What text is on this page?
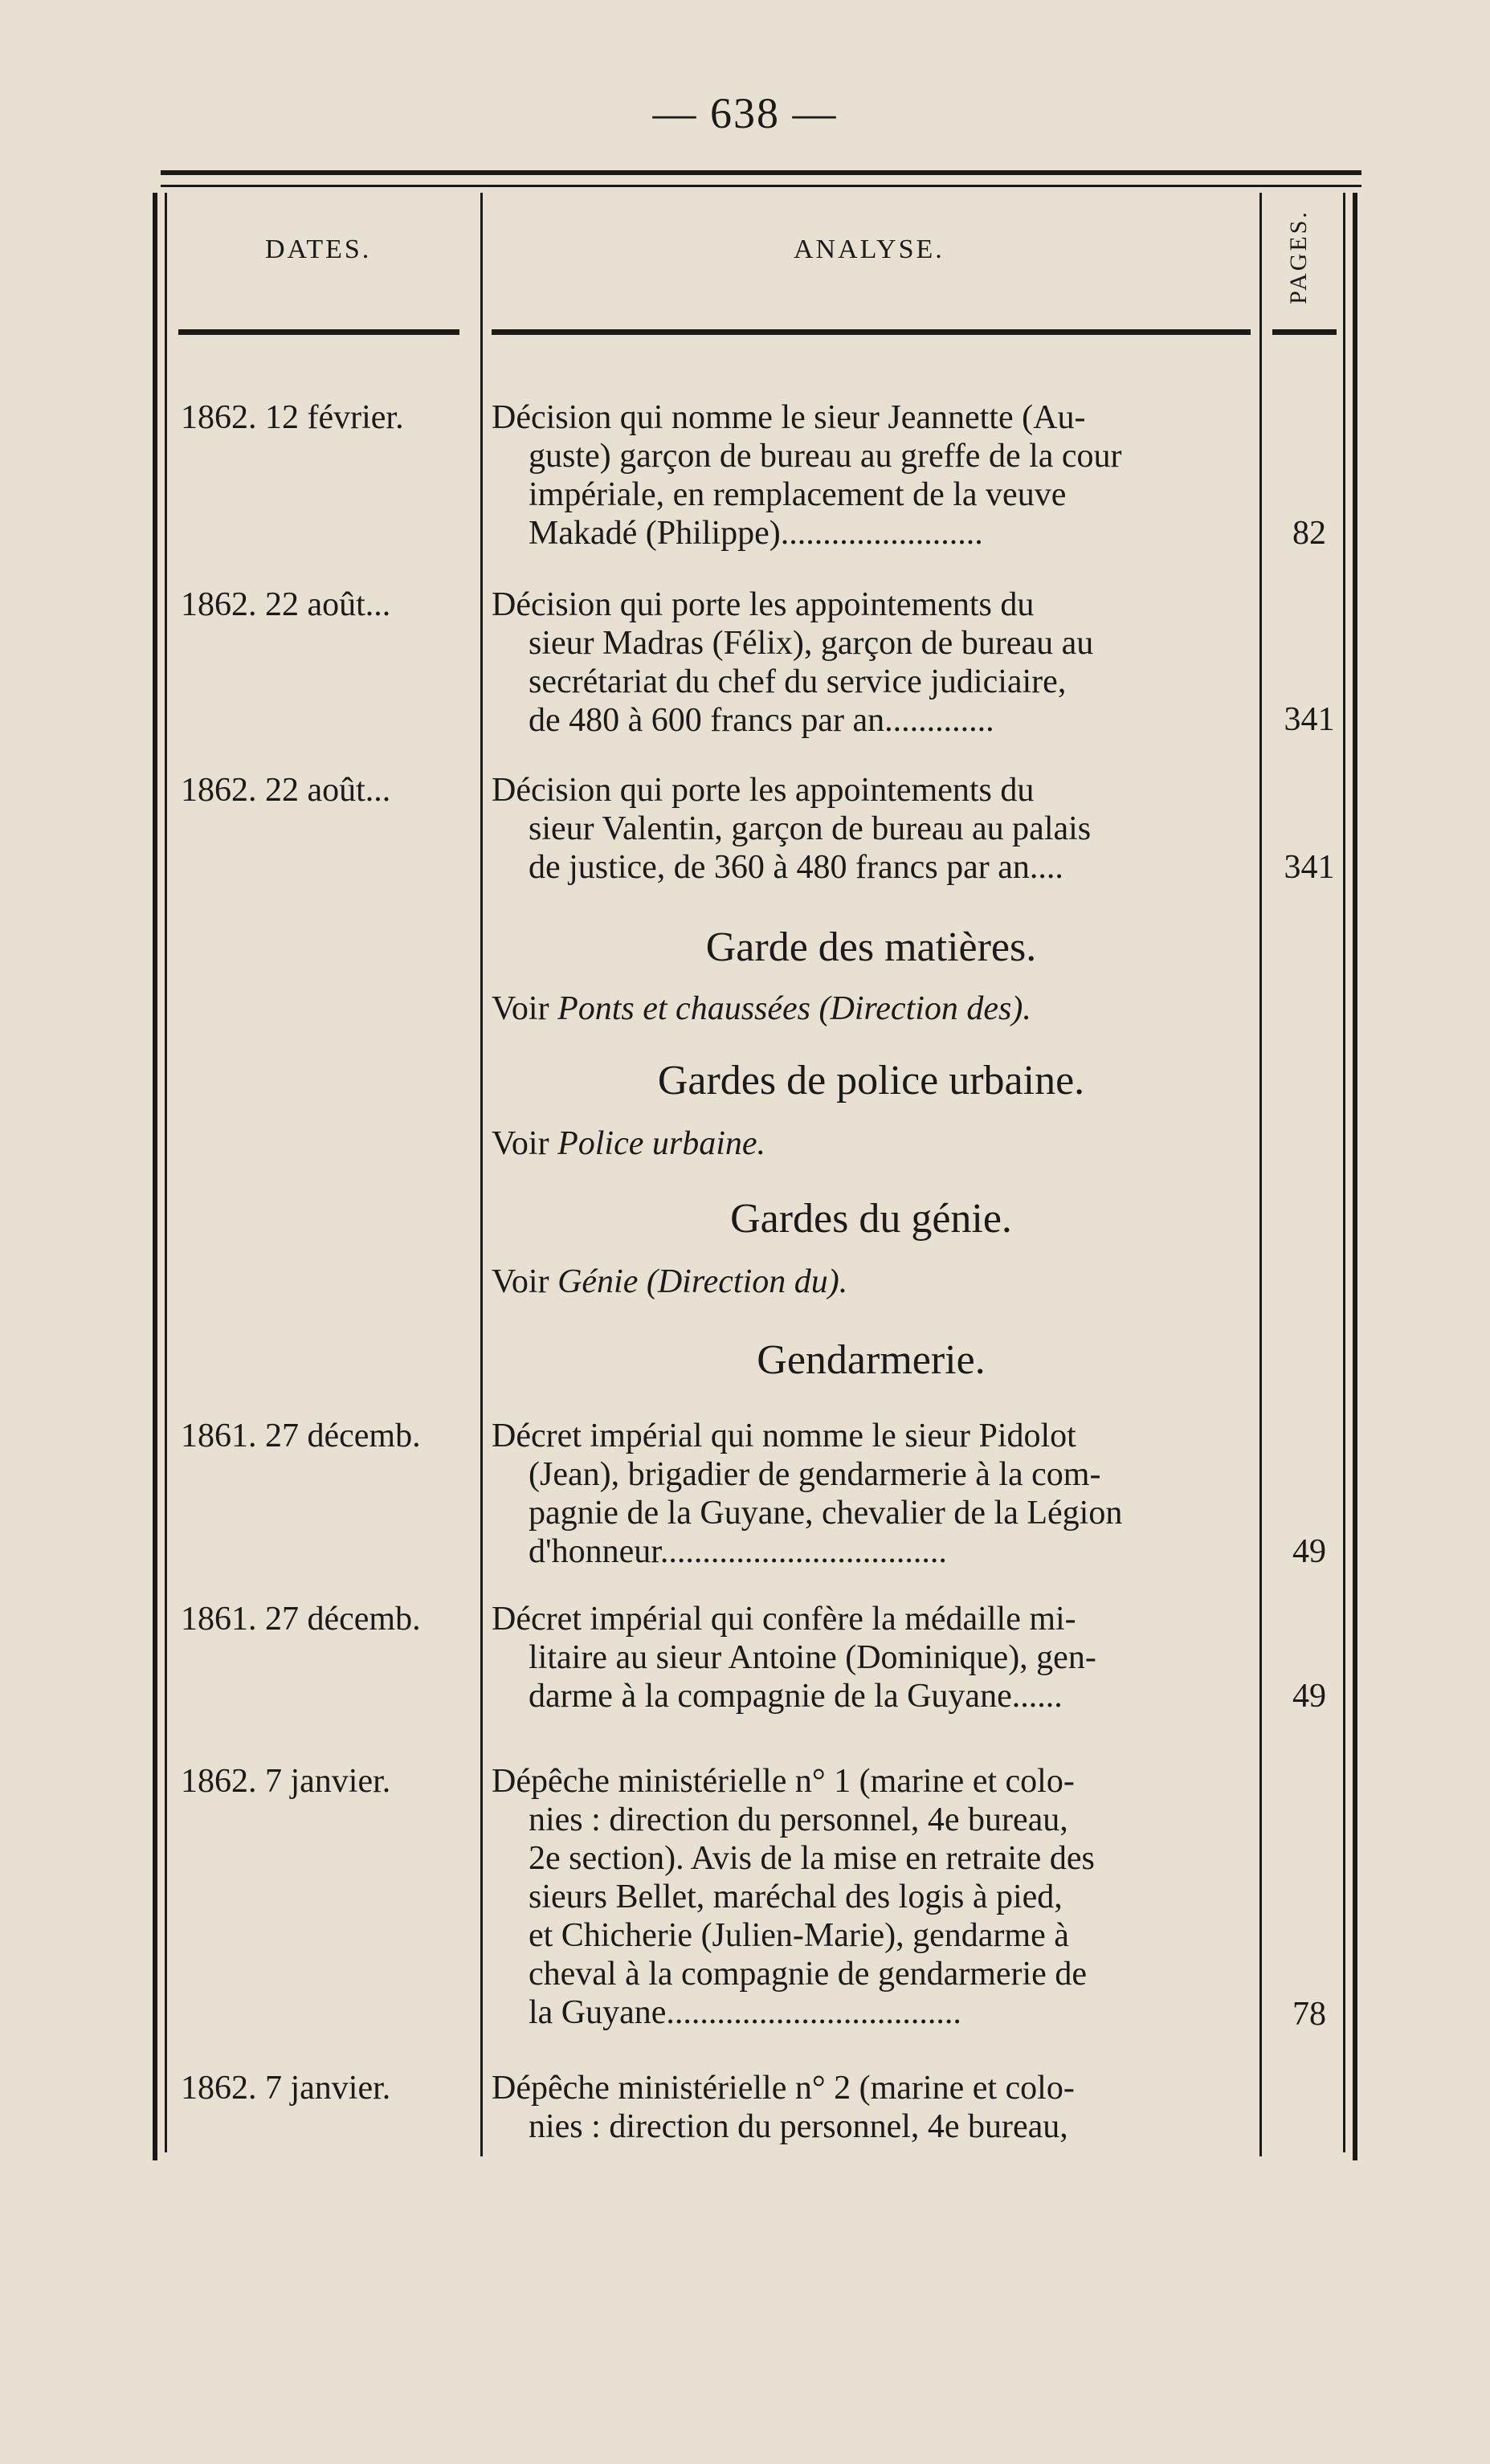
— 638 —
DATES.	ANALYSE.	PAGES.
1862. 12 février.	Décision qui nomme le sieur Jeannette (Au-
guste) garçon de bureau au greffe de la cour
impériale, en remplacement de la veuve
Makadé (Philippe)........................	82
1862. 22 août...	Décision qui porte les appointements du
sieur Madras (Félix), garçon de bureau au
secrétariat du chef du service judiciaire,
de 480 à 600 francs par an.............	341
1862. 22 août...	Décision qui porte les appointements du
sieur Valentin, garçon de bureau au palais
de justice, de 360 à 480 francs par an....	341
Garde des matières.
Voir Ponts et chaussées (Direction des).
Gardes de police urbaine.
Voir Police urbaine.
Gardes du génie.
Voir Génie (Direction du).
Gendarmerie.
1861. 27 décemb.	Décret impérial qui nomme le sieur Pidolot
(Jean), brigadier de gendarmerie à la com-
pagnie de la Guyane, chevalier de la Légion
d'honneur..................................	49
1861. 27 décemb.	Décret impérial qui confère la médaille mi-
litaire au sieur Antoine (Dominique), gen-
darme à la compagnie de la Guyane......	49
1862. 7 janvier.	Dépêche ministérielle n° 1 (marine et colo-
nies : direction du personnel, 4e bureau,
2e section). Avis de la mise en retraite des
sieurs Bellet, maréchal des logis à pied,
et Chicherie (Julien-Marie), gendarme à
cheval à la compagnie de gendarmerie de
la Guyane...................................	78
1862. 7 janvier.	Dépêche ministérielle n° 2 (marine et colo-
nies : direction du personnel, 4e bureau,
